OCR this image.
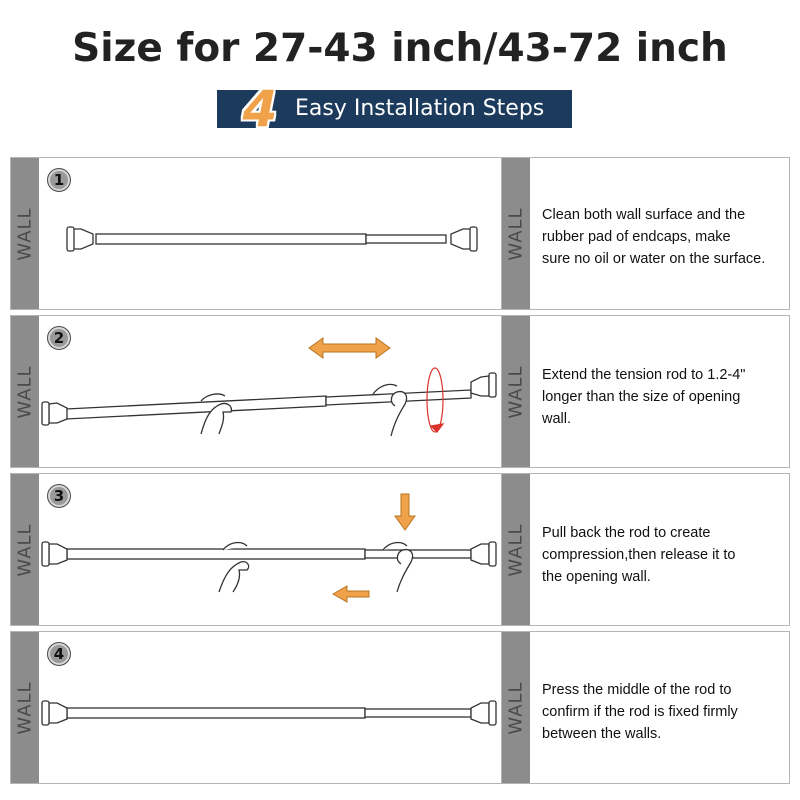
Size for 27-43 inch/43-72 inch
4 Easy Installation Steps
WALL
1
WALL Clean both wall surface and the
rubber pad of endcaps, make
sure no oil or water on the surface.
WALL
2
WALL Extend the tension rod to 1.2-4"
longer than the size of opening
wall.
WALL
3
WALL Pull back the rod to create
compression,then release it to
the opening wall.
WALL
4
WALL Press the middle of the rod to
confirm if the rod is fixed firmly
between the walls.
